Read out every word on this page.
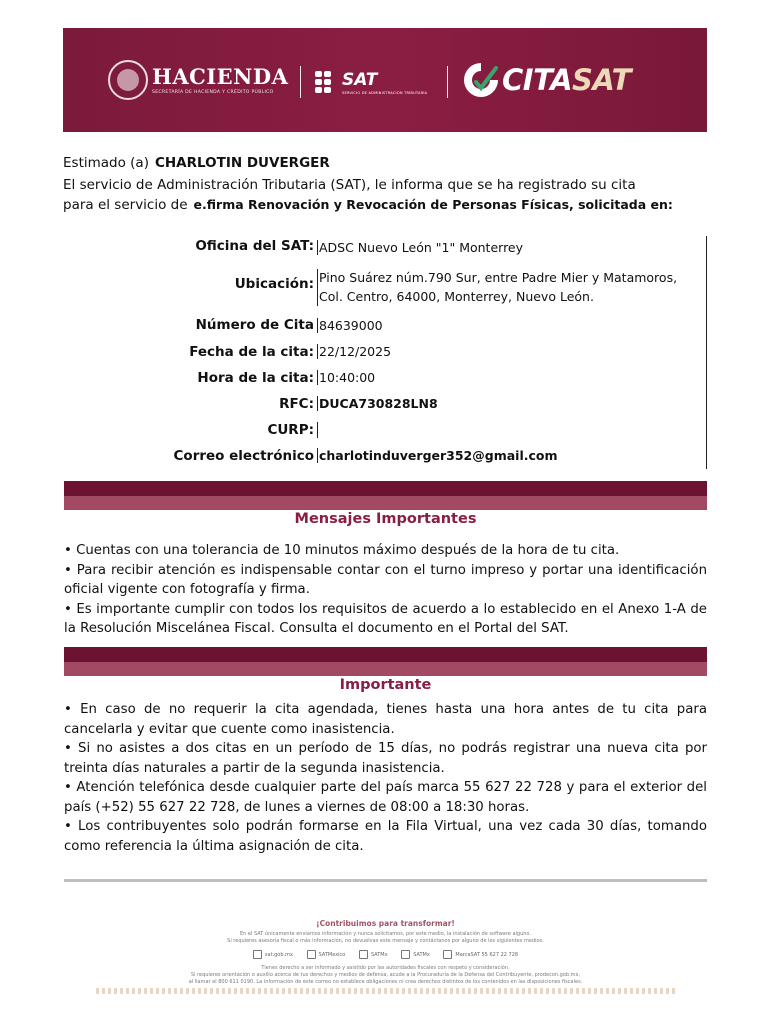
HACIENDA
SECRETARÍA DE HACIENDA Y CRÉDITO PÚBLICO
SAT
SERVICIO DE ADMINISTRACIÓN TRIBUTARIA	CITASAT
Estimado (a) CHARLOTIN DUVERGER
El servicio de Administración Tributaria (SAT), le informa que se ha registrado su cita
para el servicio de e.firma Renovación y Revocación de Personas Físicas, solicitada en:
Oficina del SAT: ADSC Nuevo León "1" Monterrey
Ubicación: Pino Suárez núm.790 Sur, entre Padre Mier y Matamoros, Col. Centro, 64000, Monterrey, Nuevo León.
Número de Cita 84639000
Fecha de la cita: 22/12/2025
Hora de la cita: 10:40:00
RFC: DUCA730828LN8
CURP:
Correo electrónico charlotinduverger352@gmail.com
Mensajes Importantes
• Cuentas con una tolerancia de 10 minutos máximo después de la hora de tu cita.
• Para recibir atención es indispensable contar con el turno impreso y portar una identificación oficial vigente con fotografía y firma.
• Es importante cumplir con todos los requisitos de acuerdo a lo establecido en el Anexo 1-A de la Resolución Miscelánea Fiscal. Consulta el documento en el Portal del SAT.
Importante
• En caso de no requerir la cita agendada, tienes hasta una hora antes de tu cita para cancelarla y evitar que cuente como inasistencia.
• Si no asistes a dos citas en un período de 15 días, no podrás registrar una nueva cita por treinta días naturales a partir de la segunda inasistencia.
• Atención telefónica desde cualquier parte del país marca 55 627 22 728 y para el exterior del país (+52) 55 627 22 728, de lunes a viernes de 08:00 a 18:30 horas.
• Los contribuyentes solo podrán formarse en la Fila Virtual, una vez cada 30 días, tomando como referencia la última asignación de cita.
¡Contribuimos para transformar!
En el SAT únicamente enviamos información y nunca solicitamos, por este medio, la instalación de software alguno.
Si requieres asesoría fiscal o más información, no devuelvas este mensaje y contáctanos por alguno de los siguientes medios:
sat.gob.mx
	SATMexico
	SATMx
	SATMx
	MarcaSAT 55 627 22 728
Tienes derecho a ser informado y asistido por las autoridades fiscales con respeto y consideración.
Si requieres orientación o auxilio acerca de tus derechos y medios de defensa, acude a la Procuraduría de la Defensa del Contribuyente, prodecon.gob.mx,
al llamar al 800 611 0190. La información de este correo no establece obligaciones ni crea derechos distintos de los contenidos en las disposiciones fiscales.
